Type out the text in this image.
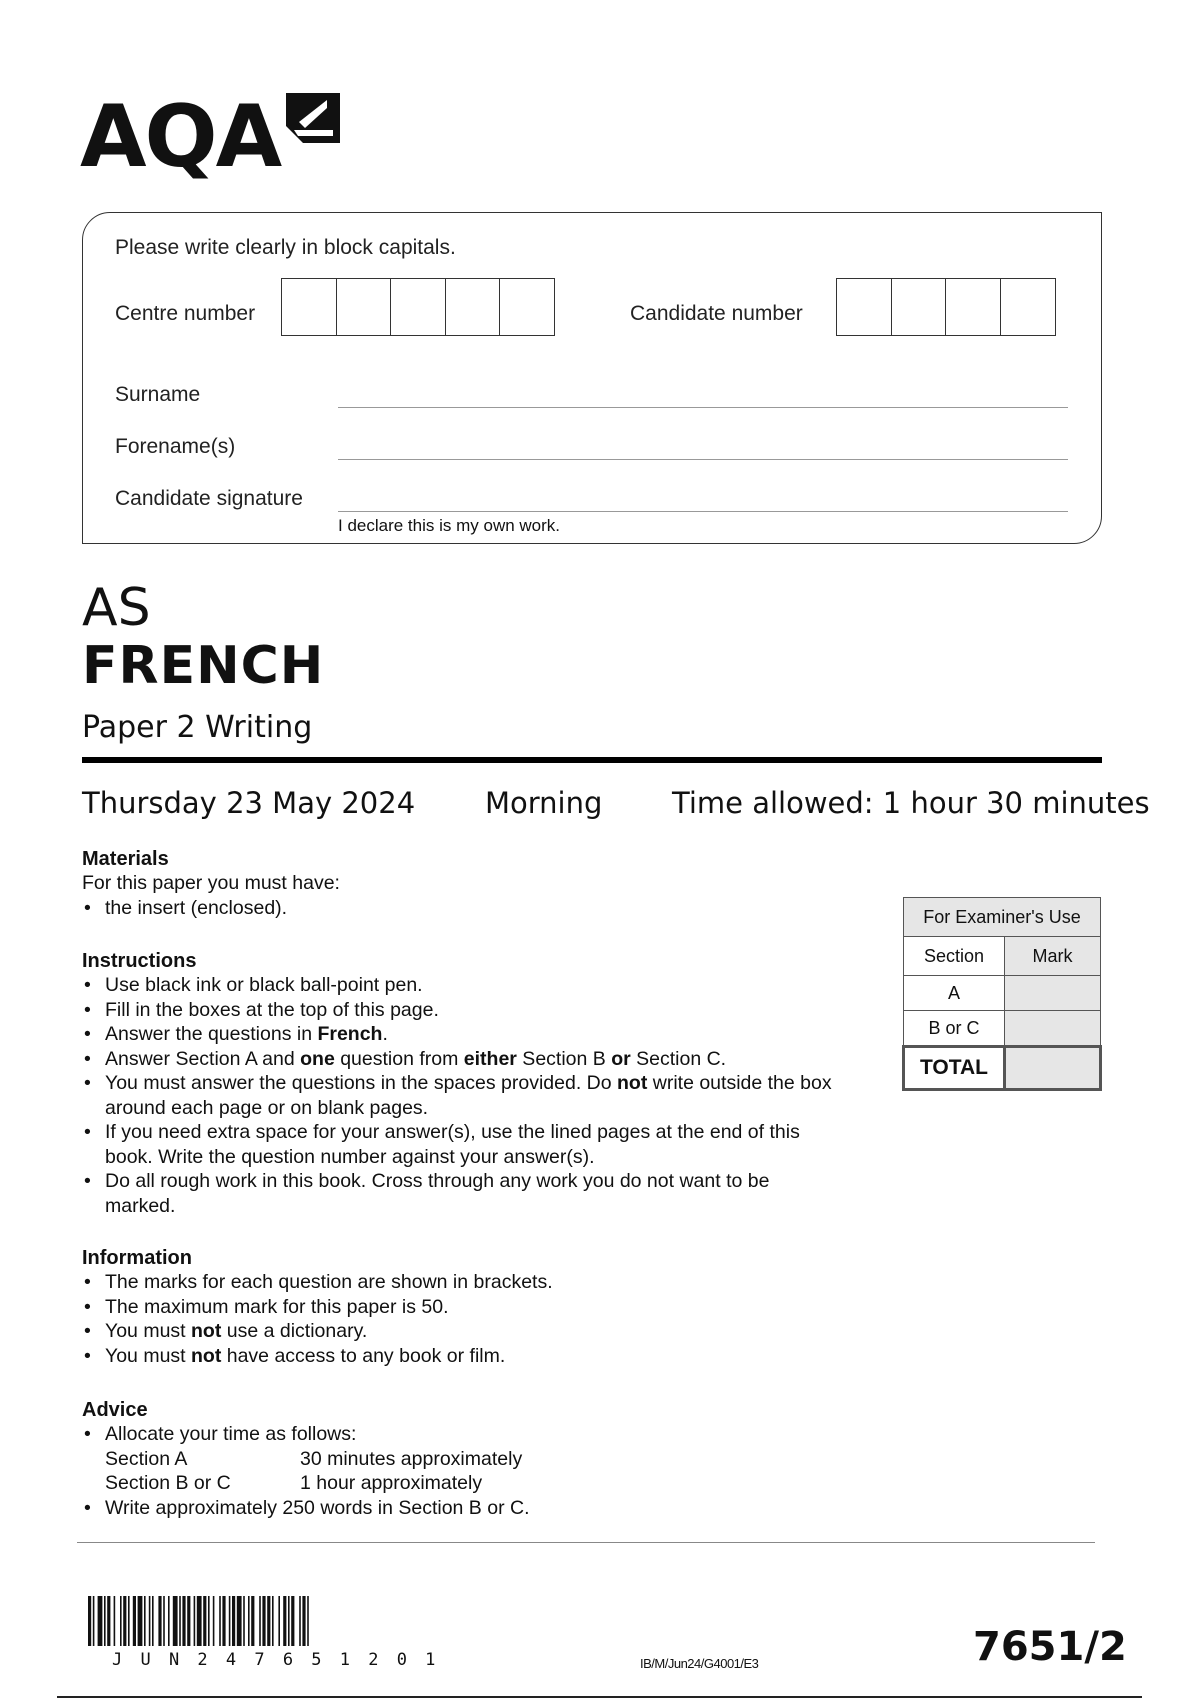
AQA
Please write clearly in block capitals.
Centre number	Candidate number
Surname
Forename(s)
Candidate signature
I declare this is my own work.
AS
FRENCH
Paper 2 Writing
Thursday 23 May 2024 Morning Time allowed: 1 hour 30 minutes
Materials
For this paper you must have:
• the insert (enclosed).
Instructions
• Use black ink or black ball-point pen.
• Fill in the boxes at the top of this page.
• Answer the questions in French.
• Answer Section A and one question from either Section B or Section C.
• You must answer the questions in the spaces provided. Do not write outside the box around each page or on blank pages.
• If you need extra space for your answer(s), use the lined pages at the end of this book. Write the question number against your answer(s).
• Do all rough work in this book. Cross through any work you do not want to be marked.
Information
• The marks for each question are shown in brackets.
• The maximum mark for this paper is 50.
• You must not use a dictionary.
• You must not have access to any book or film.
Advice
• Allocate your time as follows:
Section A	30 minutes approximately
Section B or C	1 hour approximately
• Write approximately 250 words in Section B or C.
For Examiner's Use	
Section	Mark
A	
B or C	
TOTAL	
J U N 2 4 7 6 5 1 2 0 1	IB/M/Jun24/G4001/E3	7651/2
